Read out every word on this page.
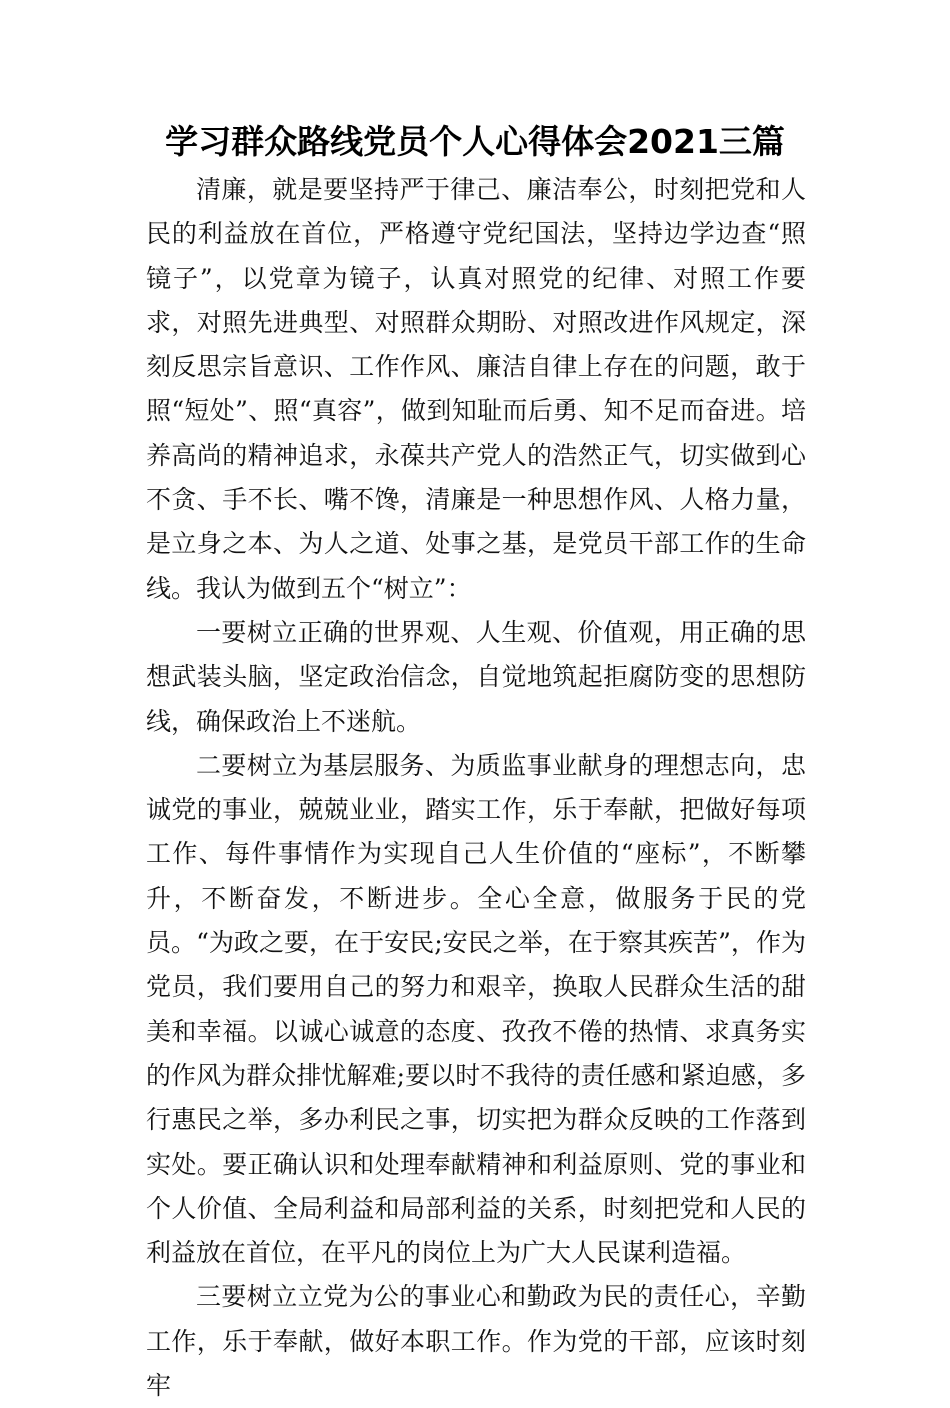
学习群众路线党员个人心得体会2021三篇

清廉，就是要坚持严于律己、廉洁奉公，时刻把党和人民的利益放在首位，严格遵守党纪国法，坚持边学边查“照镜子”，以党章为镜子，认真对照党的纪律、对照工作要求，对照先进典型、对照群众期盼、对照改进作风规定，深刻反思宗旨意识、工作作风、廉洁自律上存在的问题，敢于照“短处”、照“真容”，做到知耻而后勇、知不足而奋进。培养高尚的精神追求，永葆共产党人的浩然正气，切实做到心不贪、手不长、嘴不馋，清廉是一种思想作风、人格力量，是立身之本、为人之道、处事之基，是党员干部工作的生命线。我认为做到五个“树立”：

一要树立正确的世界观、人生观、价值观，用正确的思想武装头脑，坚定政治信念，自觉地筑起拒腐防变的思想防线，确保政治上不迷航。

二要树立为基层服务、为质监事业献身的理想志向，忠诚党的事业，兢兢业业，踏实工作，乐于奉献，把做好每项工作、每件事情作为实现自己人生价值的“座标”，不断攀升，不断奋发，不断进步。全心全意，做服务于民的党员。“为政之要，在于安民;安民之举，在于察其疾苦”，作为党员，我们要用自己的努力和艰辛，换取人民群众生活的甜美和幸福。以诚心诚意的态度、孜孜不倦的热情、求真务实的作风为群众排忧解难;要以时不我待的责任感和紧迫感，多行惠民之举，多办利民之事，切实把为群众反映的工作落到实处。要正确认识和处理奉献精神和利益原则、党的事业和个人价值、全局利益和局部利益的关系，时刻把党和人民的利益放在首位，在平凡的岗位上为广大人民谋利造福。

三要树立立党为公的事业心和勤政为民的责任心，辛勤工作，乐于奉献，做好本职工作。作为党的干部，应该时刻牢
